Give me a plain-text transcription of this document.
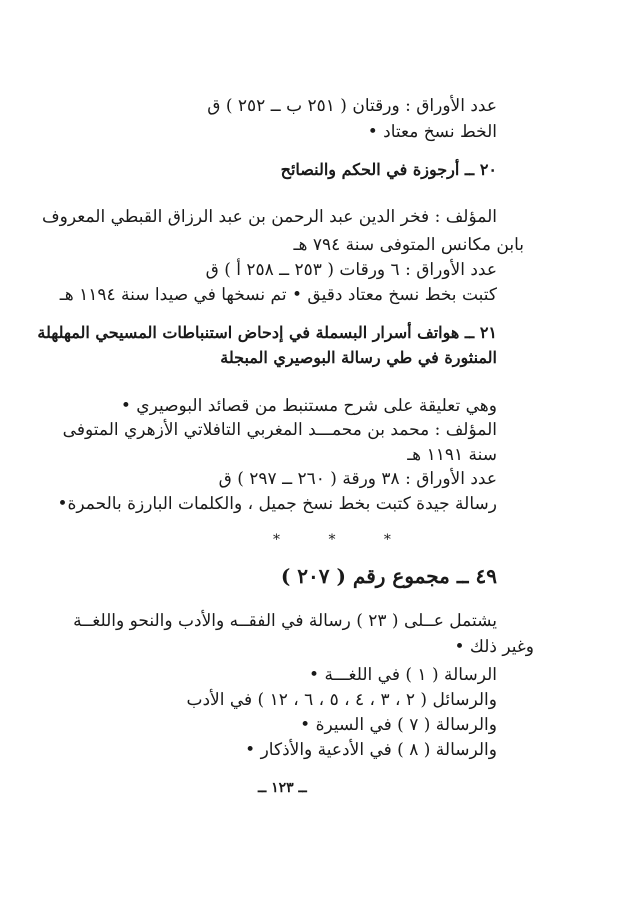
عدد الأوراق : ورقتان ( ٢٥١ ب ــ ٢٥٢ ) ق
الخط نسخ معتاد •
٢٠ ــ أرجوزة في الحكم والنصائح
المؤلف : فخر الدين عبد الرحمن بن عبد الرزاق القبطي المعروف
بابن مكانس المتوفى سنة ٧٩٤ هـ
عدد الأوراق : ٦ ورقات ( ٢٥٣ ــ ٢٥٨ أ ) ق
كتبت بخط نسخ معتاد دقيق • تم نسخها في صيدا سنة ١١٩٤ هـ
٢١ ــ هواتف أسرار البسملة في إدحاض استنباطات المسيحي المهلهلة
المنثورة في طي رسالة البوصيري المبجلة
وهي تعليقة على شرح مستنبط من قصائد البوصيري •
المؤلف : محمد بن محمـــد المغربي التافلاتي الأزهري المتوفى
سنة ١١٩١ هـ
عدد الأوراق : ٣٨ ورقة ( ٢٦٠ ــ ٢٩٧ ) ق
رسالة جيدة كتبت بخط نسخ جميل ، والكلمات البارزة بالحمرة•
* * *
٤٩ ــ مجموع رقم ( ٢٠٧ )
يشتمل عــلى ( ٢٣ ) رسالة في الفقــه والأدب والنحو واللغــة
وغير ذلك •
الرسالة ( ١ ) في اللغـــة •
والرسائل ( ٢ ، ٣ ، ٤ ، ٥ ، ٦ ، ١٢ ) في الأدب
والرسالة ( ٧ ) في السيرة •
والرسالة ( ٨ ) في الأدعية والأذكار •
ــ ١٢٣ ــ
